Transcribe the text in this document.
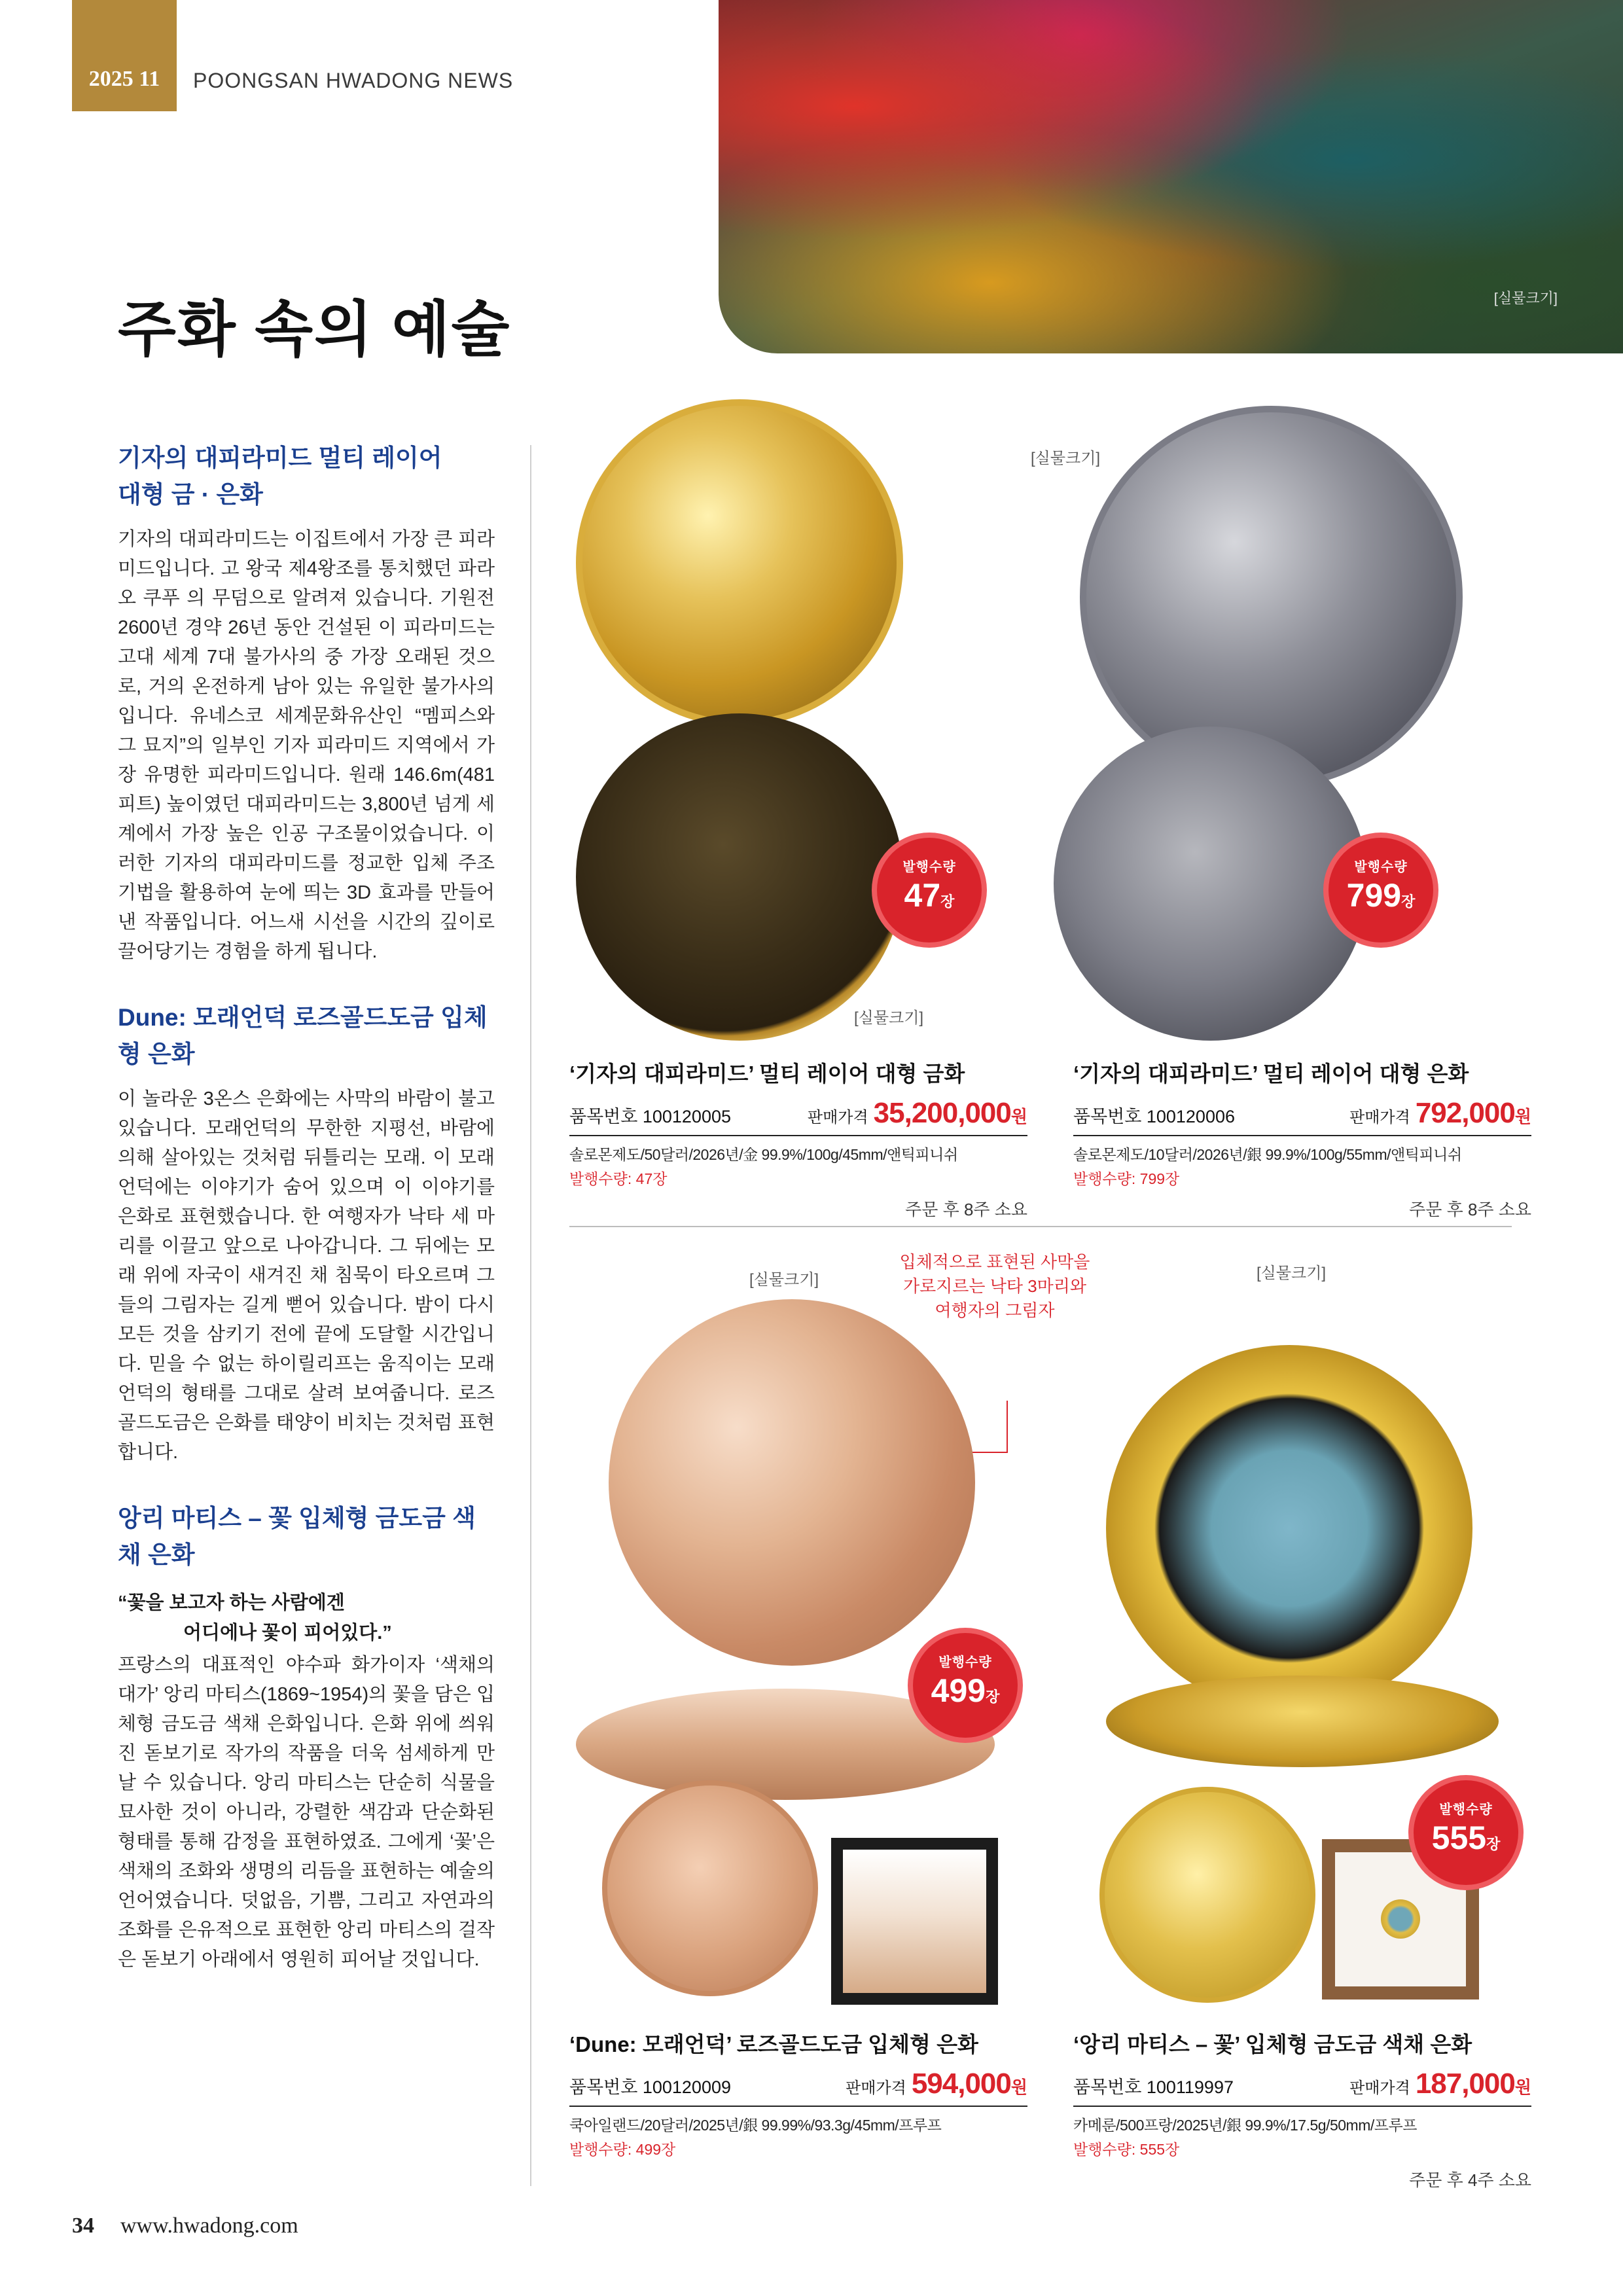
2025 11	POONGSAN HWADONG NEWS
[실물크기]
주화 속의 예술
기자의 대피라미드 멀티 레이어
대형 금 · 은화

기자의 대피라미드는 이집트에서 가장 큰 피라미드입니다. 고 왕국 제4왕조를 통치했던 파라오 쿠푸 의 무덤으로 알려져 있습니다. 기원전 2600년 경약 26년 동안 건설된 이 피라미드는 고대 세계 7대 불가사의 중 가장 오래된 것으로, 거의 온전하게 남아 있는 유일한 불가사의입니다. 유네스코 세계문화유산인 “멤피스와 그 묘지”의 일부인 기자 피라미드 지역에서 가장 유명한 피라미드입니다. 원래 146.6m(481피트) 높이였던 대피라미드는 3,800년 넘게 세계에서 가장 높은 인공 구조물이었습니다. 이러한 기자의 대피라미드를 정교한 입체 주조 기법을 활용하여 눈에 띄는 3D 효과를 만들어낸 작품입니다. 어느새 시선을 시간의 깊이로 끌어당기는 경험을 하게 됩니다.

Dune: 모래언덕 로즈골드도금 입체형 은화

이 놀라운 3온스 은화에는 사막의 바람이 불고 있습니다. 모래언덕의 무한한 지평선, 바람에 의해 살아있는 것처럼 뒤틀리는 모래. 이 모래언덕에는 이야기가 숨어 있으며 이 이야기를 은화로 표현했습니다. 한 여행자가 낙타 세 마리를 이끌고 앞으로 나아갑니다. 그 뒤에는 모래 위에 자국이 새겨진 채 침묵이 타오르며 그들의 그림자는 길게 뻗어 있습니다. 밤이 다시 모든 것을 삼키기 전에 끝에 도달할 시간입니다. 믿을 수 없는 하이릴리프는 움직이는 모래 언덕의 형태를 그대로 살려 보여줍니다. 로즈골드도금은 은화를 태양이 비치는 것처럼 표현합니다.

앙리 마티스 – 꽃 입체형 금도금 색채 은화
“꽃을 보고자 하는 사람에겐
어디에나 꽃이 피어있다.”

프랑스의 대표적인 야수파 화가이자 ‘색채의 대가’ 앙리 마티스(1869~1954)의 꽃을 담은 입체형 금도금 색채 은화입니다. 은화 위에 씌워진 돋보기로 작가의 작품을 더욱 섬세하게 만날 수 있습니다. 앙리 마티스는 단순히 식물을 묘사한 것이 아니라, 강렬한 색감과 단순화된 형태를 통해 감정을 표현하였죠. 그에게 ‘꽃’은 색채의 조화와 생명의 리듬을 표현하는 예술의 언어였습니다. 덧없음, 기쁨, 그리고 자연과의 조화를 은유적으로 표현한 앙리 마티스의 걸작은 돋보기 아래에서 영원히 피어날 것입니다.

발행수량
47장
[실물크기]
[실물크기]
발행수량
799장
‘기자의 대피라미드’ 멀티 레이어 대형 금화
품목번호 100120005	판매가격 35,200,000원
솔로몬제도/50달러/2026년/金 99.9%/100g/45mm/앤틱피니쉬
발행수량: 47장
주문 후 8주 소요
‘기자의 대피라미드’ 멀티 레이어 대형 은화
품목번호 100120006	판매가격 792,000원
솔로몬제도/10달러/2026년/銀 99.9%/100g/55mm/앤틱피니쉬
발행수량: 799장
주문 후 8주 소요
[실물크기]
입체적으로 표현된 사막을 가로지르는 낙타 3마리와 여행자의 그림자
발행수량
499장
[실물크기]
발행수량
555장
‘Dune: 모래언덕’ 로즈골드도금 입체형 은화
품목번호 100120009	판매가격 594,000원
쿡아일랜드/20달러/2025년/銀 99.99%/93.3g/45mm/프루프
발행수량: 499장
‘앙리 마티스 – 꽃’ 입체형 금도금 색채 은화
품목번호 100119997	판매가격 187,000원
카메룬/500프랑/2025년/銀 99.9%/17.5g/50mm/프루프
발행수량: 555장
주문 후 4주 소요
34 www.hwadong.com
